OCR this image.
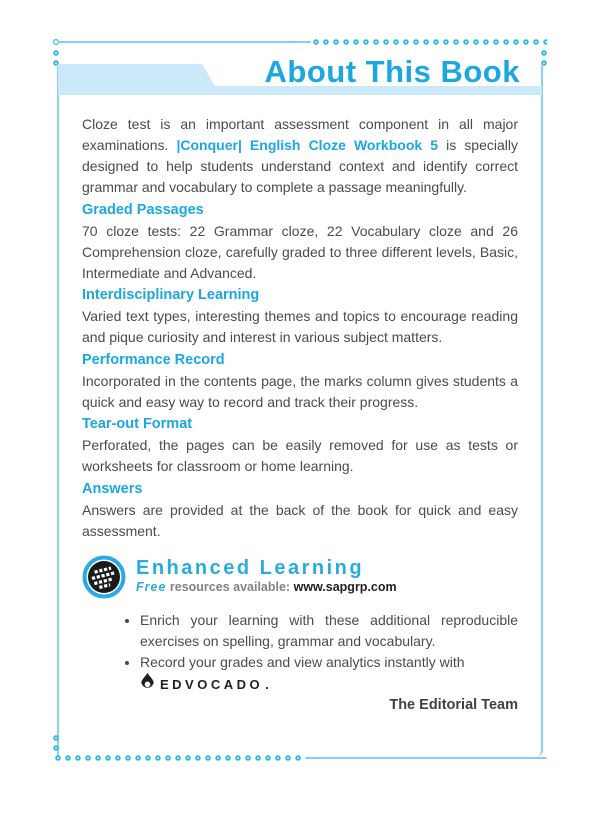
About This Book

Cloze test is an important assessment component in all major examinations. |Conquer| English Cloze Workbook 5 is specially designed to help students understand context and identify correct grammar and vocabulary to complete a passage meaningfully.

Graded Passages

70 cloze tests: 22 Grammar cloze, 22 Vocabulary cloze and 26 Comprehension cloze, carefully graded to three different levels, Basic, Intermediate and Advanced.

Interdisciplinary Learning

Varied text types, interesting themes and topics to encourage reading and pique curiosity and interest in various subject matters.

Performance Record

Incorporated in the contents page, the marks column gives students a quick and easy way to record and track their progress.

Tear-out Format

Perforated, the pages can be easily removed for use as tests or worksheets for classroom or home learning.

Answers

Answers are provided at the back of the book for quick and easy assessment.

Enhanced Learning
Free resources available: www.sapgrp.com
• Enrich your learning with these additional reproducible exercises on spelling, grammar and vocabulary.
• Record your grades and view analytics instantly with
EDVOCADO .
The Editorial Team
